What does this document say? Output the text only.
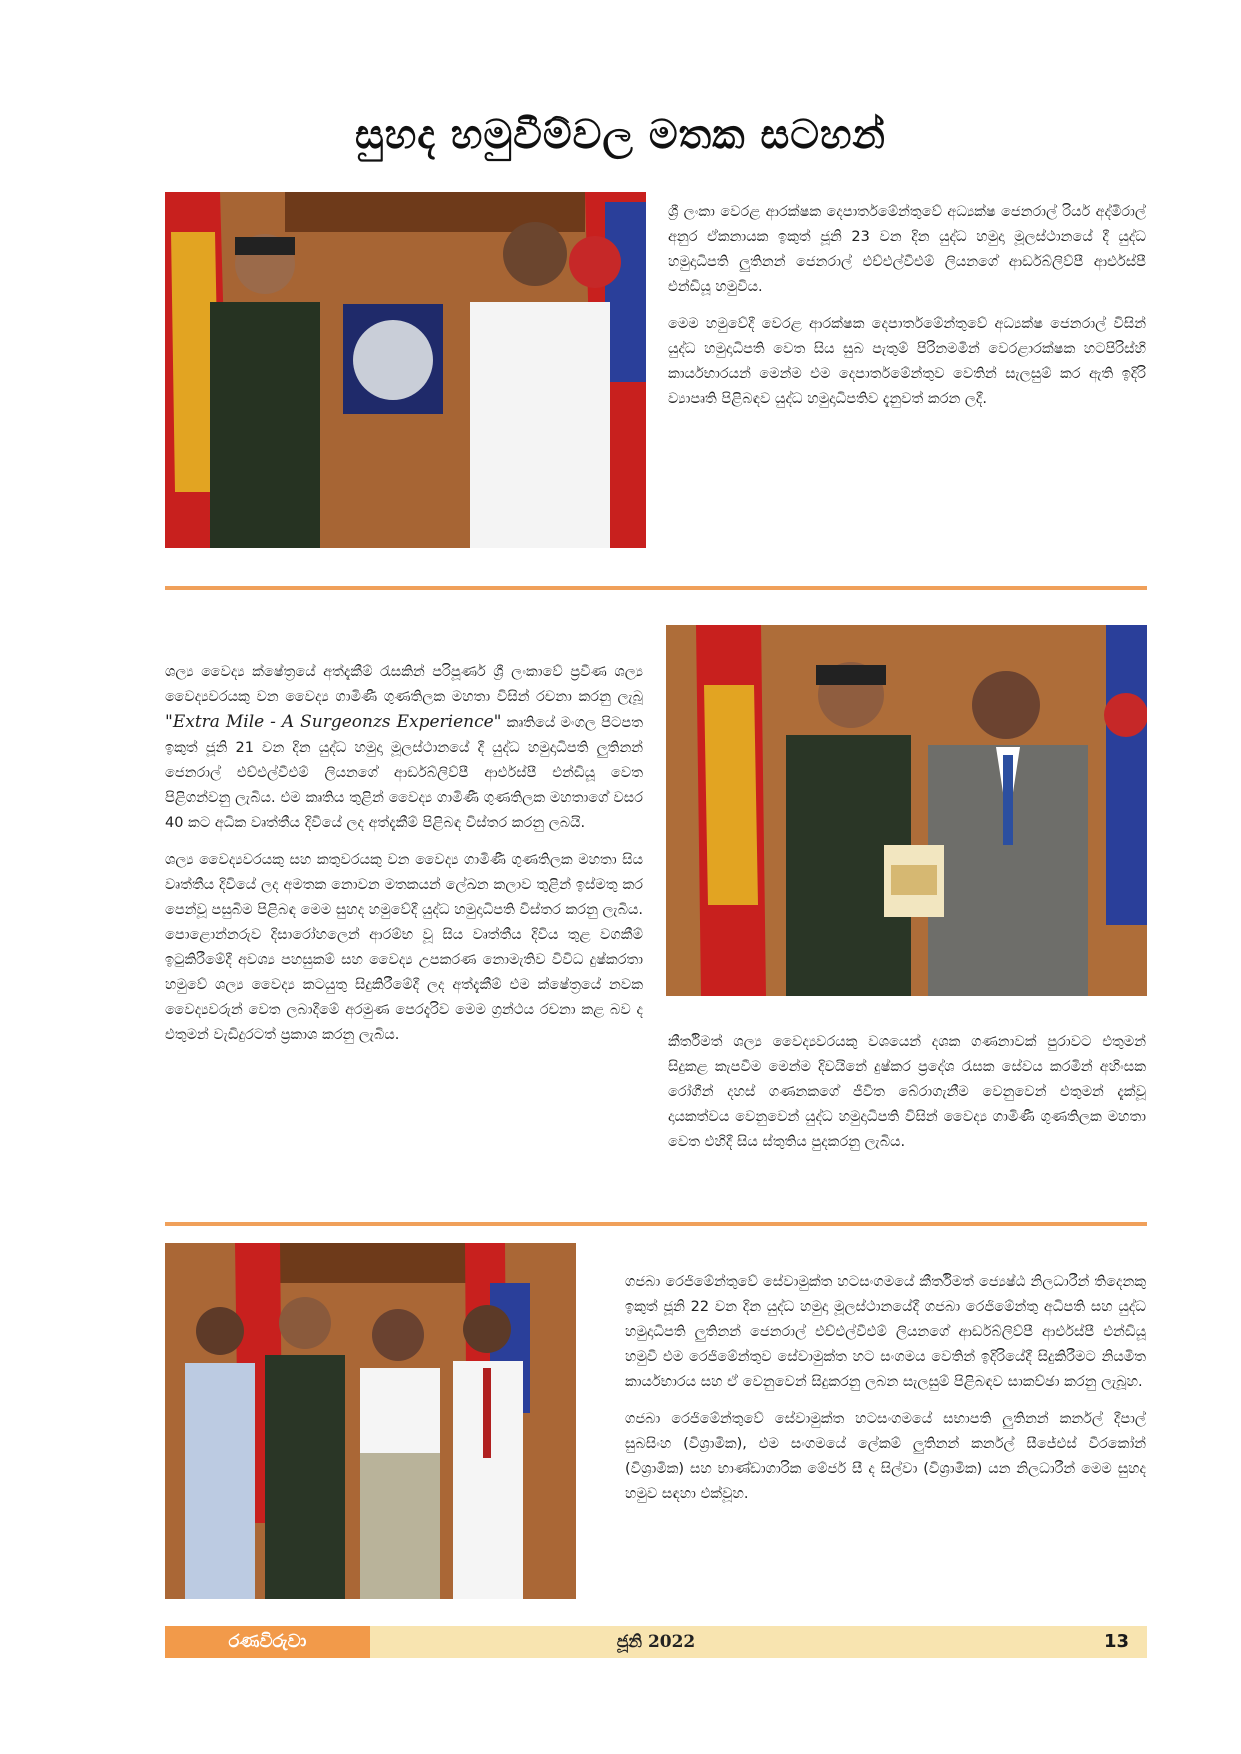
සුහද හමුවීම්වල මතක සටහන්

ශ්‍රී ලංකා වෙරළ ආරක්ෂක දෙපාර්තමේන්තුවේ අධ්‍යක්ෂ ජෙනරාල් රියර් අද්මිරාල් අනුර ඒකනායක ඉකුත් ජූනි 23 වන දින යුද්ධ හමුදා මූලස්ථානයේ දී යුද්ධ හමුදාධිපති ලුතිනන් ජෙනරාල් එච්එල්වීඑම් ලියනගේ ආර්ඩබ්ලිව්පී ආර්එස්පී එන්ඩියූ හමුවිය.

මෙම හමුවේදී වෙරළ ආරක්ෂක දෙපාර්තමේන්තුවේ අධ්‍යක්ෂ ජෙනරාල් විසින් යුද්ධ හමුදාධිපති වෙත සිය සුබ පැතුම් පිරිනමමින් වෙරළාරක්ෂක හටපිරිස්හි කාර්යභාරයන් මෙන්ම එම දෙපාර්තමේන්තුව වෙතින් සැලසුම් කර ඇති ඉදිරි ව්‍යාපෘති පිළිබඳව යුද්ධ හමුදාධිපතිව දැනුවත් කරන ලදී.

ශල්‍ය වෛද්‍ය ක්ෂේත්‍රයේ අත්දැකීම් රැසකින් පරිපූර්ණ ශ්‍රී ලංකාවේ ප්‍රවීණ ශල්‍ය වෛද්‍යවරයකු වන වෛද්‍ය ගාමිණී ගුණතිලක මහතා විසින් රචනා කරනු ලැබූ "Extra Mile - A Surgeonzs Experience" කෘතියේ මංගල පිටපත ඉකුත් ජූනි 21 වන දින යුද්ධ හමුදා මූලස්ථානයේ දී යුද්ධ හමුදාධිපති ලුතිනන් ජෙනරාල් එච්එල්වීඑම් ලියනගේ ආර්ඩබ්ලිව්පී ආර්එස්පී එන්ඩියූ වෙත පිළිගන්වනු ලැබිය. එම කෘතිය තුළින් වෛද්‍ය ගාමිණී ගුණතිලක මහතාගේ වසර 40 කට අධික වෘත්තීය දිවියේ ලද අත්දැකීම් පිළිබඳ විස්තර කරනු ලබයි.

ශල්‍ය වෛද්‍යවරයකු සහ කතුවරයකු වන වෛද්‍ය ගාමිණී ගුණතිලක මහතා සිය වෘත්තීය දිවියේ ලද අමතක නොවන මතකයන් ලේඛන කලාව තුළින් ඉස්මතු කර පෙන්වූ පසුබිම පිළිබඳ මෙම සුහද හමුවේදී යුද්ධ හමුදාධිපති විස්තර කරනු ලැබිය. පොළොන්නරුව දිසාරෝහලෙන් ආරම්භ වූ සිය වෘත්තීය දිවිය තුළ වගකීම් ඉටුකිරීමේදී අවශ්‍ය පහසුකම් සහ වෛද්‍ය උපකරණ නොමැතිව විවිධ දුෂ්කරතා හමුවේ ශල්‍ය වෛද්‍ය කටයුතු සිදුකිරීමේදී ලද අත්දැකීම් එම ක්ෂේත්‍රයේ නවක වෛද්‍යවරුන් වෙත ලබාදීමේ අරමුණ පෙරදැරිව මෙම ග්‍රන්ථය රචනා කළ බව ද එතුමන් වැඩිදුරටත් ප්‍රකාශ කරනු ලැබිය.	කීර්තිමත් ශල්‍ය වෛද්‍යවරයකු වශයෙන් දශක ගණනාවක් පුරාවට එතුමන් සිදුකළ කැපවීම මෙන්ම දිවයිනේ දුෂ්කර ප්‍රදේශ රැසක සේවය කරමින් අහිංසක රෝගීන් දහස් ගණනකගේ ජීවිත බේරාගැනීම වෙනුවෙන් එතුමන් දැක්වූ දායකත්වය වෙනුවෙන් යුද්ධ හමුදාධිපති විසින් වෛද්‍ය ගාමිණී ගුණතිලක මහතා වෙත එහිදී සිය ස්තුතිය පුදකරනු ලැබිය.

ගජබා රෙජිමේන්තුවේ සේවාමුක්ත හටසංගමයේ කීර්තිමත් ජ්‍යෙෂ්ඨ නිලධාරීන් තිදෙනකු ඉකුත් ජූනි 22 වන දින යුද්ධ හමුදා මූලස්ථානයේදී ගජබා රෙජිමේන්තු අධිපති සහ යුද්ධ හමුදාධිපති ලුතිනන් ජෙනරාල් එච්එල්වීඑම් ලියනගේ ආර්ඩබ්ලිව්පී ආර්එස්පී එන්ඩියූ හමුවී එම රෙජිමේන්තුව සේවාමුක්ත හට සංගමය වෙතින් ඉදිරියේදී සිදුකිරීමට නියමිත කාර්යභාරය සහ ඒ වෙනුවෙන් සිදුකරනු ලබන සැලසුම් පිළිබඳව සාකච්ඡා කරනු ලැබූහ.

ගජබා රෙජිමේන්තුවේ සේවාමුක්ත හටසංගමයේ සභාපති ලුතිනන් කර්නල් දීපාල් සුබසිංහ (විශ්‍රාමික), එම සංගමයේ ලේකම් ලුතිනන් කර්නල් සීජේඑස් වීරකෝන් (විශ්‍රාමික) සහ භාණ්ඩාගාරික මේජර් සී ද සිල්වා (විශ්‍රාමික) යන නිලධාරීන් මෙම සුහද හමුව සඳහා එක්වූහ.

ජූනි 2022
රණවිරුවා	13
